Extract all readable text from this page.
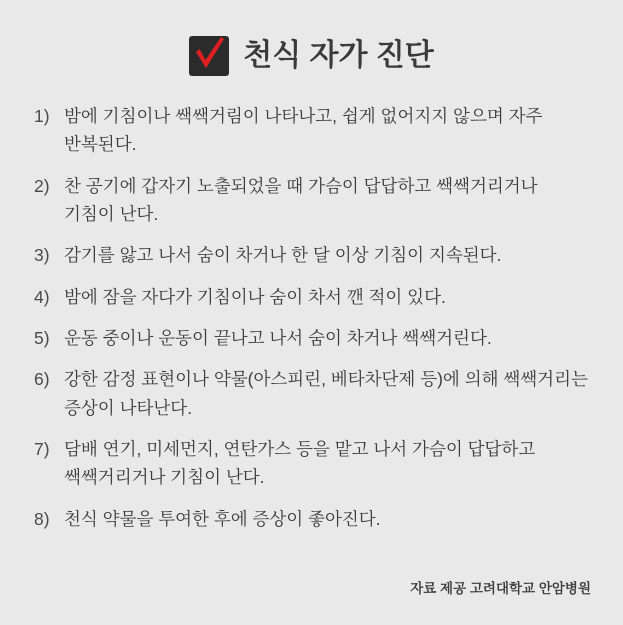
천식 자가 진단
1) 밤에 기침이나 쌕쌕거림이 나타나고, 쉽게 없어지지 않으며 자주 반복된다.
2) 찬 공기에 갑자기 노출되었을 때 가슴이 답답하고 쌕쌕거리거나 기침이 난다.
3) 감기를 앓고 나서 숨이 차거나 한 달 이상 기침이 지속된다.
4) 밤에 잠을 자다가 기침이나 숨이 차서 깬 적이 있다.
5) 운동 중이나 운동이 끝나고 나서 숨이 차거나 쌕쌕거린다.
6) 강한 감정 표현이나 약물(아스피린, 베타차단제 등)에 의해 쌕쌕거리는 증상이 나타난다.
7) 담배 연기, 미세먼지, 연탄가스 등을 맡고 나서 가슴이 답답하고 쌕쌕거리거나 기침이 난다.
8) 천식 약물을 투여한 후에 증상이 좋아진다.
자료 제공 고려대학교 안암병원
